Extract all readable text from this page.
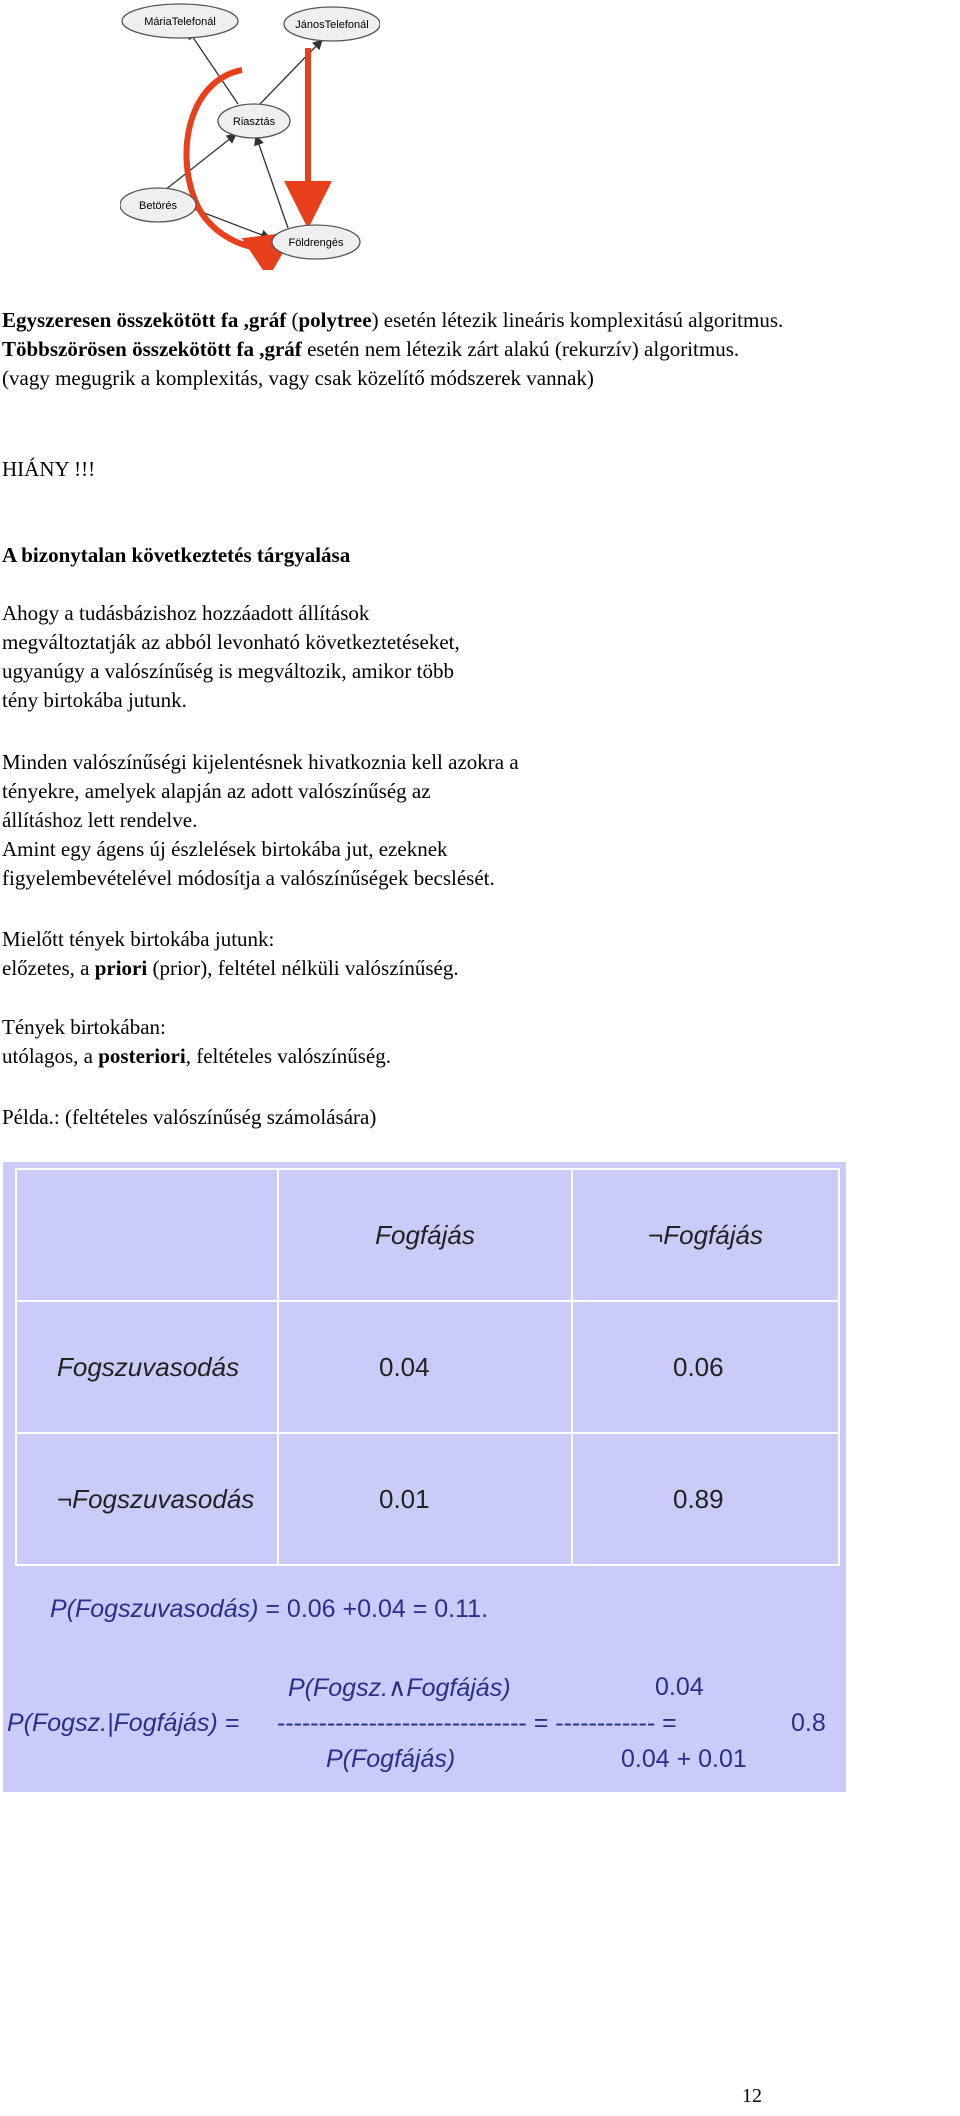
MáriaTelefonál	JánosTelefonál
Riasztás
Betörés
Földrengés
Egyszeresen összekötött fa ,gráf (polytree) esetén létezik lineáris komplexitású algoritmus.
Többszörösen összekötött fa ,gráf esetén nem létezik zárt alakú (rekurzív) algoritmus.
(vagy megugrik a komplexitás, vagy csak közelítő módszerek vannak)
HIÁNY !!!
A bizonytalan következtetés tárgyalása
Ahogy a tudásbázishoz hozzáadott állítások
megváltoztatják az abból levonható következtetéseket,
ugyanúgy a valószínűség is megváltozik, amikor több
tény birtokába jutunk.
Minden valószínűségi kijelentésnek hivatkoznia kell azokra a
tényekre, amelyek alapján az adott valószínűség az
állításhoz lett rendelve.
Amint egy ágens új észlelések birtokába jut, ezeknek
figyelembevételével módosítja a valószínűségek becslését.
Mielőtt tények birtokába jutunk:
előzetes, a priori (prior), feltétel nélküli valószínűség.
Tények birtokában:
utólagos, a posteriori, feltételes valószínűség.
Példa.: (feltételes valószínűség számolására)
	Fogfájás	¬Fogfájás
Fogszuvasodás	0.04	0.06
¬Fogszuvasodás	0.01	0.89
P(Fogszuvasodás) = 0.06 +0.04 = 0.11.
P(Fogsz.∧Fogfájás)	0.04
P(Fogsz.|Fogfájás) = ------------------------------ = ------------ =	0.8
P(Fogfájás)	0.04 + 0.01
12
